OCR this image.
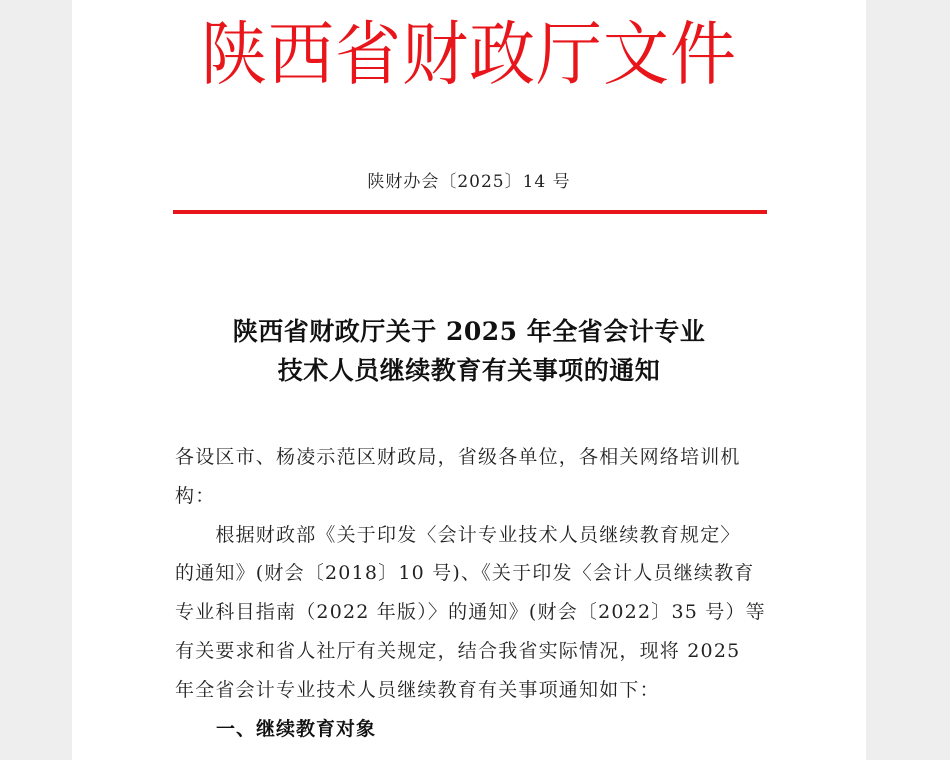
陕西省财政厅文件
陕财办会〔2025〕14 号
陕西省财政厅关于 2025 年全省会计专业
技术人员继续教育有关事项的通知
各设区市、杨凌示范区财政局，省级各单位，各相关网络培训机
构：
　　根据财政部《关于印发〈会计专业技术人员继续教育规定〉
的通知》(财会〔2018〕10 号)、《关于印发〈会计人员继续教育
专业科目指南（2022 年版）〉的通知》(财会〔2022〕35 号）等
有关要求和省人社厅有关规定，结合我省实际情况，现将 2025
年全省会计专业技术人员继续教育有关事项通知如下：
一、继续教育对象
